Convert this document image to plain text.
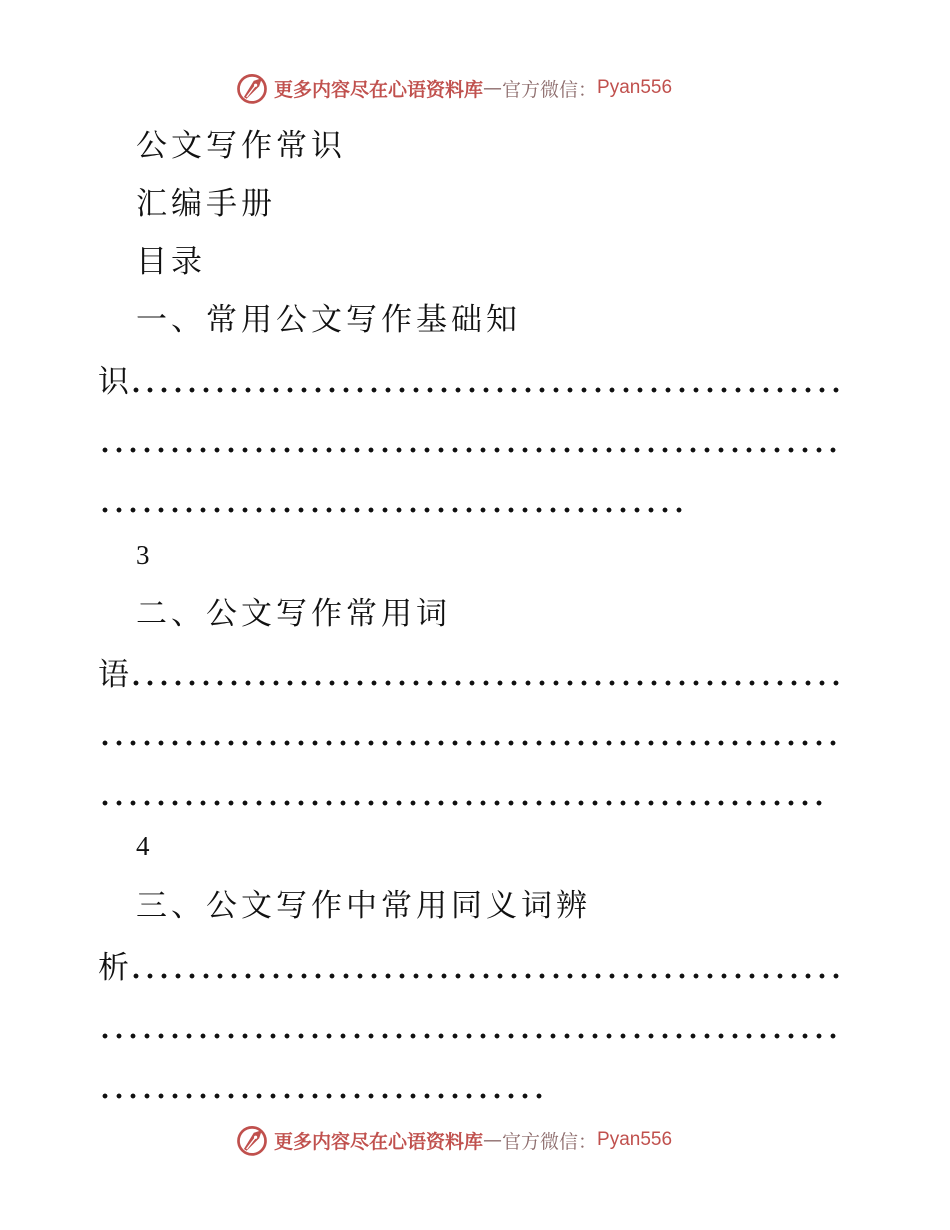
更多内容尽在心语资料库 — 官方微信： Pyan556
公文写作常识
汇编手册
目录
一、常用公文写作基础知
识
3
二、公文写作常用词
语
4
三、公文写作中常用同义词辨
析
更多内容尽在心语资料库 — 官方微信： Pyan556
